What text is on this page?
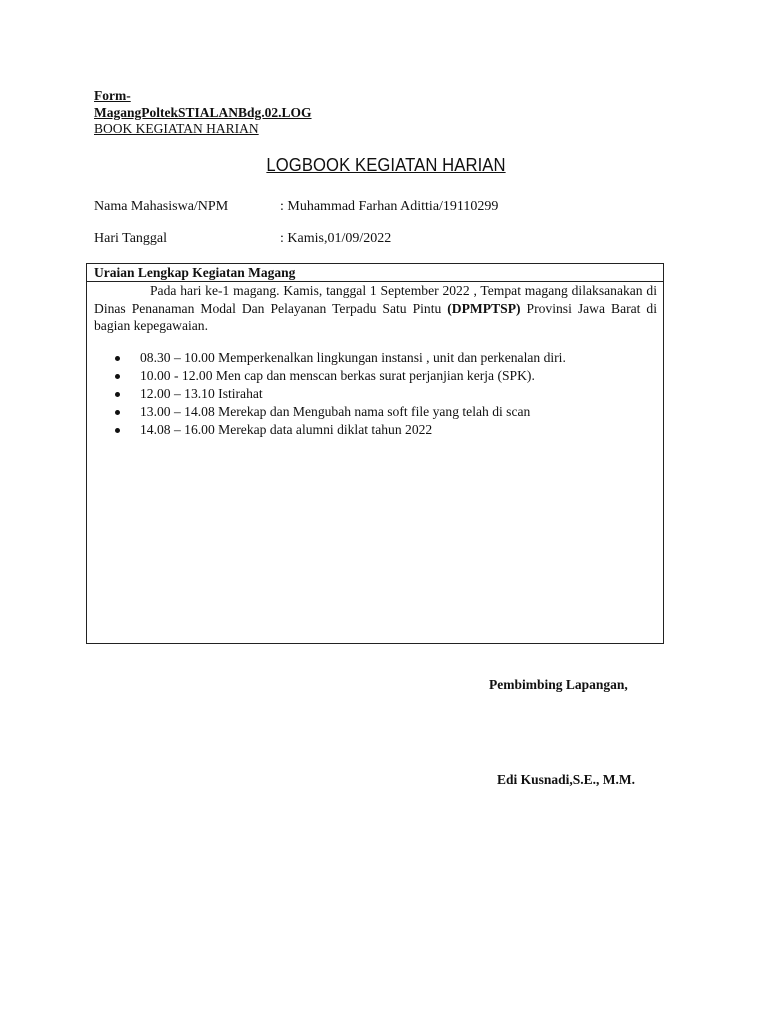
Form-
MagangPoltekSTIALANBdg.02.LOG
BOOK KEGIATAN HARIAN
LOGBOOK KEGIATAN HARIAN
Nama Mahasiswa/NPM	: Muhammad Farhan Adittia/19110299
Hari Tanggal	: Kamis,01/09/2022
Uraian Lengkap Kegiatan Magang
Pada hari ke-1 magang. Kamis, tanggal 1 September 2022 , Tempat magang dilaksanakan di Dinas Penanaman Modal Dan Pelayanan Terpadu Satu Pintu (DPMPTSP) Provinsi Jawa Barat di bagian kepegawaian.
08.30 – 10.00 Memperkenalkan lingkungan instansi , unit dan perkenalan diri.
10.00 - 12.00 Men cap dan menscan berkas surat perjanjian kerja (SPK).
12.00 – 13.10 Istirahat
13.00 – 14.08 Merekap dan Mengubah nama soft file yang telah di scan
14.08 – 16.00 Merekap data alumni diklat tahun 2022
Pembimbing Lapangan,
Edi Kusnadi,S.E., M.M.
